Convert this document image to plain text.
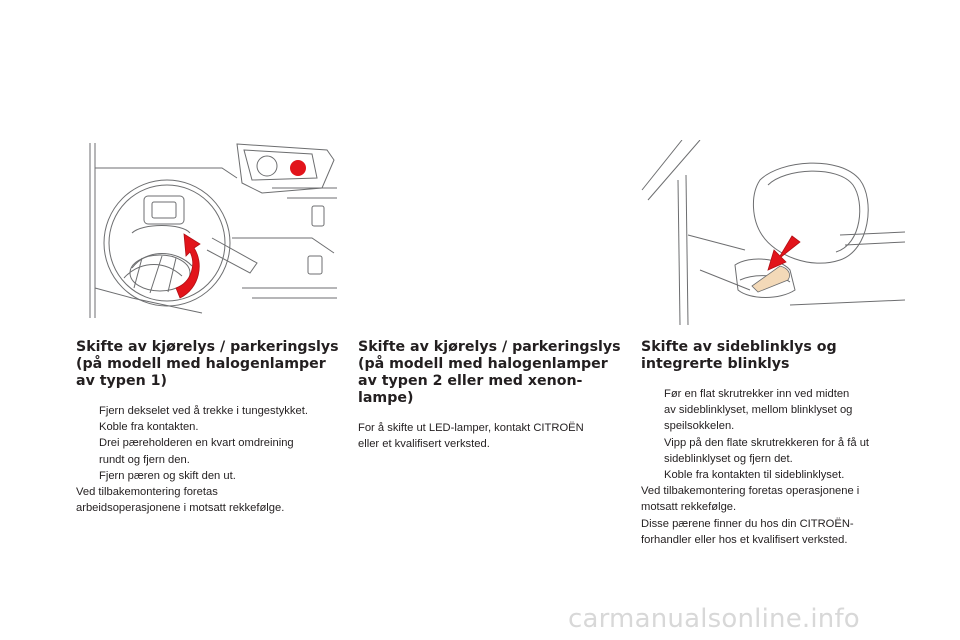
Skifte av kjørelys / parkeringslys
(på modell med halogenlamper
av typen 1)
Fjern dekselet ved å trekke i tungestykket.
Koble fra kontakten.
Drei pæreholderen en kvart omdreining
rundt og fjern den.
Fjern pæren og skift den ut.
Ved tilbakemontering foretas
arbeidsoperasjonene i motsatt rekkefølge.
Skifte av kjørelys / parkeringslys
(på modell med halogenlamper
av typen 2 eller med xenon-
lampe)
For å skifte ut LED-lamper, kontakt CITROËN
eller et kvalifisert verksted.
Skifte av sideblinklys og
integrerte blinklys
Før en flat skrutrekker inn ved midten
av sideblinklyset, mellom blinklyset og
speilsokkelen.
Vipp på den flate skrutrekkeren for å få ut
sideblinklyset og fjern det.
Koble fra kontakten til sideblinklyset.
Ved tilbakemontering foretas operasjonene i
motsatt rekkefølge.
Disse pærene finner du hos din CITROËN-
forhandler eller hos et kvalifisert verksted.
carmanualsonline.info
